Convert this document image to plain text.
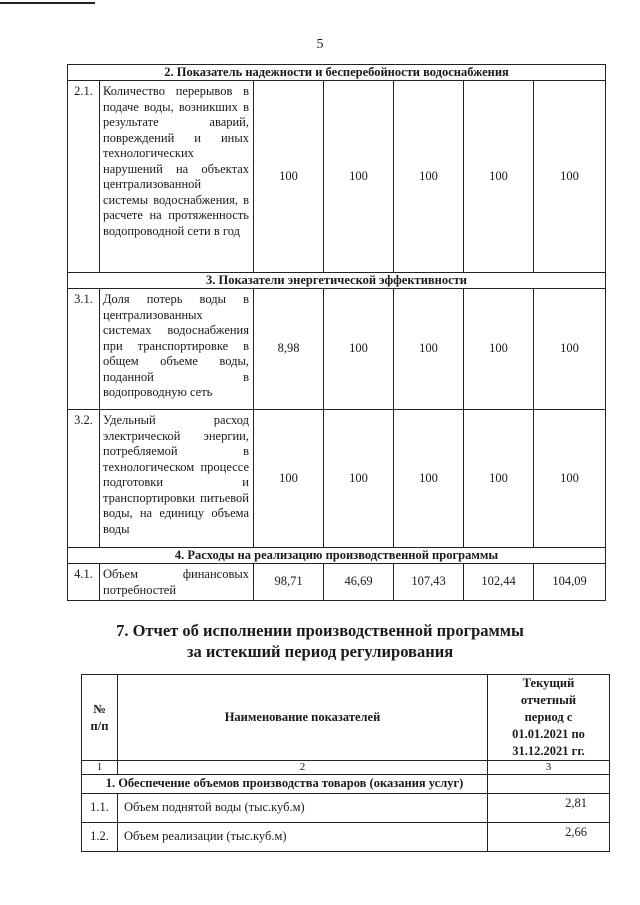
5
2. Показатель надежности и бесперебойности водоснабжения						
2.1.	Количество перерывов в подаче воды, возникших в результате аварий, повреждений и иных технологических нарушений на объектах централизованной системы водоснабжения, в расчете на протяженность водопроводной сети в год	100	100	100	100	100
3. Показатели энергетической эффективности						
3.1.	Доля потерь воды в централизованных системах водоснабжения при транспортировке в общем объеме воды, поданной в водопроводную сеть	8,98	100	100	100	100
3.2.	Удельный расход электрической энергии, потребляемой в технологическом процессе подготовки и транспортировки питьевой воды, на единицу объема воды	100	100	100	100	100
4. Расходы на реализацию производственной программы						
4.1.	Объем финансовых потребностей	98,71	46,69	107,43	102,44	104,09
7. Отчет об исполнении производственной программы
за истекший период регулирования
№
п/п	Наименование показателей	Текущий
отчетный
период с
01.01.2021 по
31.12.2021 гг.
1	2	3
1. Обеспечение объемов производства товаров (оказания услуг)		
1.1.	Объем поднятой воды (тыс.куб.м)	2,81
1.2.	Объем реализации (тыс.куб.м)	2,66
